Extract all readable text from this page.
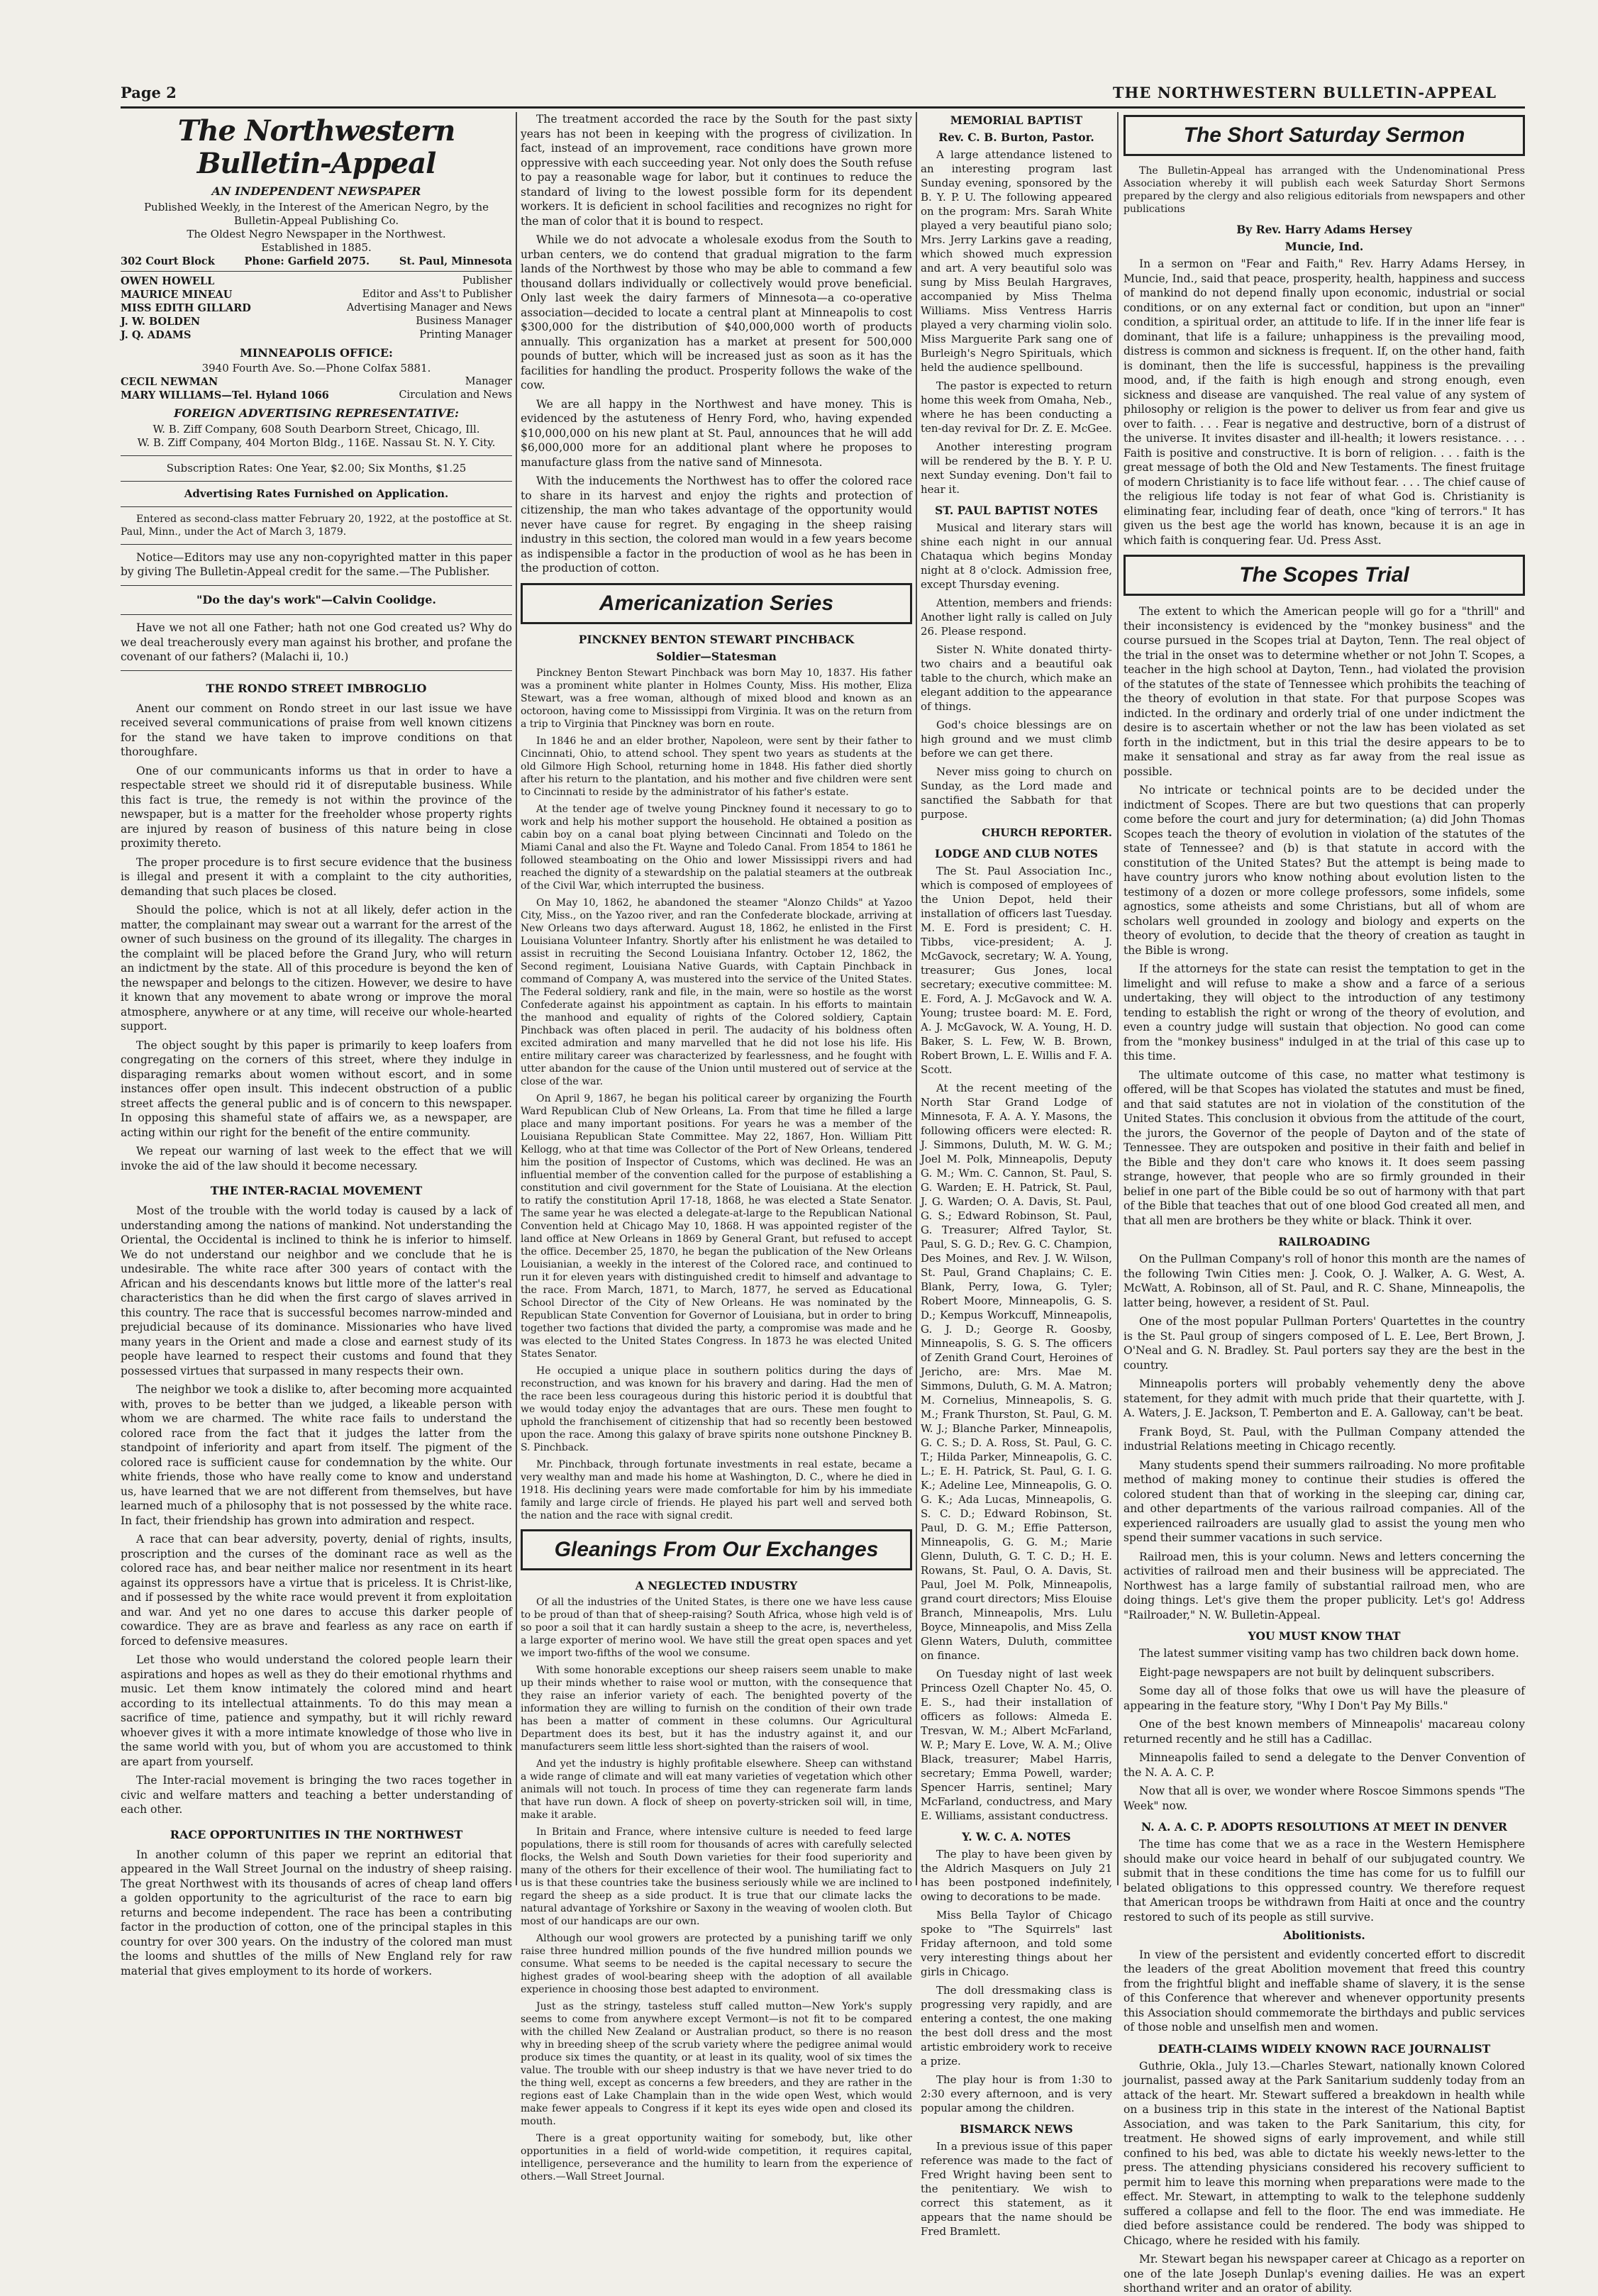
Page 2	THE NORTHWESTERN BULLETIN-APPEAL
The Northwestern Bulletin-Appeal
AN INDEPENDENT NEWSPAPER

Published Weekly, in the Interest of the American Negro, by the

Bulletin-Appeal Publishing Co.

The Oldest Negro Newspaper in the Northwest.

Established in 1885.

302 Court Block	Phone: Garfield 2075.	St. Paul, Minnesota
OWEN HOWELL	Publisher
MAURICE MINEAU	Editor and Ass't to Publisher
MISS EDITH GILLARD	Advertising Manager and News
J. W. BOLDEN	Business Manager
J. Q. ADAMS	Printing Manager
MINNEAPOLIS OFFICE:

3940 Fourth Ave. So.—Phone Colfax 5881.

CECIL NEWMAN	Manager
MARY WILLIAMS—Tel. Hyland 1066	Circulation and News
FOREIGN ADVERTISING REPRESENTATIVE:

W. B. Ziff Company, 608 South Dearborn Street, Chicago, Ill.

W. B. Ziff Company, 404 Morton Bldg., 116E. Nassau St. N. Y. City.

Subscription Rates: One Year, $2.00; Six Months, $1.25

Advertising Rates Furnished on Application.

Entered as second-class matter February 20, 1922, at the postoffice at St. Paul, Minn., under the Act of March 3, 1879.

Notice—Editors may use any non-copyrighted matter in this paper by giving The Bulletin-Appeal credit for the same.—The Publisher.

"Do the day's work"—Calvin Coolidge.

Have we not all one Father; hath not one God created us? Why do we deal treacherously every man against his brother, and profane the covenant of our fathers? (Malachi ii, 10.)

THE RONDO STREET IMBROGLIO

Anent our comment on Rondo street in our last issue we have received several communications of praise from well known citizens for the stand we have taken to improve conditions on that thoroughfare.

One of our communicants informs us that in order to have a respectable street we should rid it of disreputable business. While this fact is true, the remedy is not within the province of the newspaper, but is a matter for the freeholder whose property rights are injured by reason of business of this nature being in close proximity thereto.

The proper procedure is to first secure evidence that the business is illegal and present it with a complaint to the city authorities, demanding that such places be closed.

Should the police, which is not at all likely, defer action in the matter, the complainant may swear out a warrant for the arrest of the owner of such business on the ground of its illegality. The charges in the complaint will be placed before the Grand Jury, who will return an indictment by the state. All of this procedure is beyond the ken of the newspaper and belongs to the citizen. However, we desire to have it known that any movement to abate wrong or improve the moral atmosphere, anywhere or at any time, will receive our whole-hearted support.

The object sought by this paper is primarily to keep loafers from congregating on the corners of this street, where they indulge in disparaging remarks about women without escort, and in some instances offer open insult. This indecent obstruction of a public street affects the general public and is of concern to this newspaper. In opposing this shameful state of affairs we, as a newspaper, are acting within our right for the benefit of the entire community.

We repeat our warning of last week to the effect that we will invoke the aid of the law should it become necessary.

THE INTER-RACIAL MOVEMENT

Most of the trouble with the world today is caused by a lack of understanding among the nations of mankind. Not understanding the Oriental, the Occidental is inclined to think he is inferior to himself. We do not understand our neighbor and we conclude that he is undesirable. The white race after 300 years of contact with the African and his descendants knows but little more of the latter's real characteristics than he did when the first cargo of slaves arrived in this country. The race that is successful becomes narrow-minded and prejudicial because of its dominance. Missionaries who have lived many years in the Orient and made a close and earnest study of its people have learned to respect their customs and found that they possessed virtues that surpassed in many respects their own.

The neighbor we took a dislike to, after becoming more acquainted with, proves to be better than we judged, a likeable person with whom we are charmed. The white race fails to understand the colored race from the fact that it judges the latter from the standpoint of inferiority and apart from itself. The pigment of the colored race is sufficient cause for condemnation by the white. Our white friends, those who have really come to know and understand us, have learned that we are not different from themselves, but have learned much of a philosophy that is not possessed by the white race. In fact, their friendship has grown into admiration and respect.

A race that can bear adversity, poverty, denial of rights, insults, proscription and the curses of the dominant race as well as the colored race has, and bear neither malice nor resentment in its heart against its oppressors have a virtue that is priceless. It is Christ-like, and if possessed by the white race would prevent it from exploitation and war. And yet no one dares to accuse this darker people of cowardice. They are as brave and fearless as any race on earth if forced to defensive measures.

Let those who would understand the colored people learn their aspirations and hopes as well as they do their emotional rhythms and music. Let them know intimately the colored mind and heart according to its intellectual attainments. To do this may mean a sacrifice of time, patience and sympathy, but it will richly reward whoever gives it with a more intimate knowledge of those who live in the same world with you, but of whom you are accustomed to think are apart from yourself.

The Inter-racial movement is bringing the two races together in civic and welfare matters and teaching a better understanding of each other.

RACE OPPORTUNITIES IN THE NORTHWEST

In another column of this paper we reprint an editorial that appeared in the Wall Street Journal on the industry of sheep raising. The great Northwest with its thousands of acres of cheap land offers a golden opportunity to the agriculturist of the race to earn big returns and become independent. The race has been a contributing factor in the production of cotton, one of the principal staples in this country for over 300 years. On the industry of the colored man must the looms and shuttles of the mills of New England rely for raw material that gives employment to its horde of workers.

The treatment accorded the race by the South for the past sixty years has not been in keeping with the progress of civilization. In fact, instead of an improvement, race conditions have grown more oppressive with each succeeding year. Not only does the South refuse to pay a reasonable wage for labor, but it continues to reduce the standard of living to the lowest possible form for its dependent workers. It is deficient in school facilities and recognizes no right for the man of color that it is bound to respect.

While we do not advocate a wholesale exodus from the South to urban centers, we do contend that gradual migration to the farm lands of the Northwest by those who may be able to command a few thousand dollars individually or collectively would prove beneficial. Only last week the dairy farmers of Minnesota—a co-operative association—decided to locate a central plant at Minneapolis to cost $300,000 for the distribution of $40,000,000 worth of products annually. This organization has a market at present for 500,000 pounds of butter, which will be increased just as soon as it has the facilities for handling the product. Prosperity follows the wake of the cow.

We are all happy in the Northwest and have money. This is evidenced by the astuteness of Henry Ford, who, having expended $10,000,000 on his new plant at St. Paul, announces that he will add $6,000,000 more for an additional plant where he proposes to manufacture glass from the native sand of Minnesota.

With the inducements the Northwest has to offer the colored race to share in its harvest and enjoy the rights and protection of citizenship, the man who takes advantage of the opportunity would never have cause for regret. By engaging in the sheep raising industry in this section, the colored man would in a few years become as indispensible a factor in the production of wool as he has been in the production of cotton.

Americanization Series
PINCKNEY BENTON STEWART PINCHBACK
Soldier—Statesman

Pinckney Benton Stewart Pinchback was born May 10, 1837. His father was a prominent white planter in Holmes County, Miss. His mother, Eliza Stewart, was a free woman, although of mixed blood and known as an octoroon, having come to Mississippi from Virginia. It was on the return from a trip to Virginia that Pinckney was born en route.

In 1846 he and an elder brother, Napoleon, were sent by their father to Cincinnati, Ohio, to attend school. They spent two years as students at the old Gilmore High School, returning home in 1848. His father died shortly after his return to the plantation, and his mother and five children were sent to Cincinnati to reside by the administrator of his father's estate.

At the tender age of twelve young Pinckney found it necessary to go to work and help his mother support the household. He obtained a position as cabin boy on a canal boat plying between Cincinnati and Toledo on the Miami Canal and also the Ft. Wayne and Toledo Canal. From 1854 to 1861 he followed steamboating on the Ohio and lower Mississippi rivers and had reached the dignity of a stewardship on the palatial steamers at the outbreak of the Civil War, which interrupted the business.

On May 10, 1862, he abandoned the steamer "Alonzo Childs" at Yazoo City, Miss., on the Yazoo river, and ran the Confederate blockade, arriving at New Orleans two days afterward. August 18, 1862, he enlisted in the First Louisiana Volunteer Infantry. Shortly after his enlistment he was detailed to assist in recruiting the Second Louisiana Infantry. October 12, 1862, the Second regiment, Louisiana Native Guards, with Captain Pinchback in command of Company A, was mustered into the service of the United States. The Federal soldiery, rank and file, in the main, were so hostile as the worst Confederate against his appointment as captain. In his efforts to maintain the manhood and equality of rights of the Colored soldiery, Captain Pinchback was often placed in peril. The audacity of his boldness often excited admiration and many marvelled that he did not lose his life. His entire military career was characterized by fearlessness, and he fought with utter abandon for the cause of the Union until mustered out of service at the close of the war.

On April 9, 1867, he began his political career by organizing the Fourth Ward Republican Club of New Orleans, La. From that time he filled a large place and many important positions. For years he was a member of the Louisiana Republican State Committee. May 22, 1867, Hon. William Pitt Kellogg, who at that time was Collector of the Port of New Orleans, tendered him the position of Inspector of Customs, which was declined. He was an influential member of the convention called for the purpose of establishing a constitution and civil government for the State of Louisiana. At the election to ratify the constitution April 17-18, 1868, he was elected a State Senator. The same year he was elected a delegate-at-large to the Republican National Convention held at Chicago May 10, 1868. H was appointed register of the land office at New Orleans in 1869 by General Grant, but refused to accept the office. December 25, 1870, he began the publication of the New Orleans Louisianian, a weekly in the interest of the Colored race, and continued to run it for eleven years with distinguished credit to himself and advantage to the race. From March, 1871, to March, 1877, he served as Educational School Director of the City of New Orleans. He was nominated by the Republican State Convention for Governor of Louisiana, but in order to bring together two factions that divided the party, a compromise was made and he was elected to the United States Congress. In 1873 he was elected United States Senator.

He occupied a unique place in southern politics during the days of reconstruction, and was known for his bravery and daring. Had the men of the race been less courageous during this historic period it is doubtful that we would today enjoy the advantages that are ours. These men fought to uphold the franchisement of citizenship that had so recently been bestowed upon the race. Among this galaxy of brave spirits none outshone Pinckney B. S. Pinchback.

Mr. Pinchback, through fortunate investments in real estate, became a very wealthy man and made his home at Washington, D. C., where he died in 1918. His declining years were made comfortable for him by his immediate family and large circle of friends. He played his part well and served both the nation and the race with signal credit.

Gleanings From Our Exchanges
A NEGLECTED INDUSTRY

Of all the industries of the United States, is there one we have less cause to be proud of than that of sheep-raising? South Africa, whose high veld is of so poor a soil that it can hardly sustain a sheep to the acre, is, nevertheless, a large exporter of merino wool. We have still the great open spaces and yet we import two-fifths of the wool we consume.

With some honorable exceptions our sheep raisers seem unable to make up their minds whether to raise wool or mutton, with the consequence that they raise an inferior variety of each. The benighted poverty of the information they are willing to furnish on the condition of their own trade has been a matter of comment in these columns. Our Agricultural Department does its best, but it has the industry against it, and our manufacturers seem little less short-sighted than the raisers of wool.

And yet the industry is highly profitable elsewhere. Sheep can withstand a wide range of climate and will eat many varieties of vegetation which other animals will not touch. In process of time they can regenerate farm lands that have run down. A flock of sheep on poverty-stricken soil will, in time, make it arable.

In Britain and France, where intensive culture is needed to feed large populations, there is still room for thousands of acres with carefully selected flocks, the Welsh and South Down varieties for their food superiority and many of the others for their excellence of their wool. The humiliating fact to us is that these countries take the business seriously while we are inclined to regard the sheep as a side product. It is true that our climate lacks the natural advantage of Yorkshire or Saxony in the weaving of woolen cloth. But most of our handicaps are our own.

Although our wool growers are protected by a punishing tariff we only raise three hundred million pounds of the five hundred million pounds we consume. What seems to be needed is the capital necessary to secure the highest grades of wool-bearing sheep with the adoption of all available experience in choosing those best adapted to environment.

Just as the stringy, tasteless stuff called mutton—New York's supply seems to come from anywhere except Vermont—is not fit to be compared with the chilled New Zealand or Australian product, so there is no reason why in breeding sheep of the scrub variety where the pedigree animal would produce six times the quantity, or at least in its quality, wool of six times the value. The trouble with our sheep industry is that we have never tried to do the thing well, except as concerns a few breeders, and they are rather in the regions east of Lake Champlain than in the wide open West, which would make fewer appeals to Congress if it kept its eyes wide open and closed its mouth.

There is a great opportunity waiting for somebody, but, like other opportunities in a field of world-wide competition, it requires capital, intelligence, perseverance and the humility to learn from the experience of others.—Wall Street Journal.

MEMORIAL BAPTIST
Rev. C. B. Burton, Pastor.

A large attendance listened to an interesting program last Sunday evening, sponsored by the B. Y. P. U. The following appeared on the program: Mrs. Sarah White played a very beautiful piano solo; Mrs. Jerry Larkins gave a reading, which showed much expression and art. A very beautiful solo was sung by Miss Beulah Hargraves, accompanied by Miss Thelma Williams. Miss Ventress Harris played a very charming violin solo. Miss Marguerite Park sang one of Burleigh's Negro Spirituals, which held the audience spellbound.

The pastor is expected to return home this week from Omaha, Neb., where he has been conducting a ten-day revival for Dr. Z. E. McGee.

Another interesting program will be rendered by the B. Y. P. U. next Sunday evening. Don't fail to hear it.

ST. PAUL BAPTIST NOTES

Musical and literary stars will shine each night in our annual Chataqua which begins Monday night at 8 o'clock. Admission free, except Thursday evening.

Attention, members and friends: Another light rally is called on July 26. Please respond.

Sister N. White donated thirty-two chairs and a beautiful oak table to the church, which make an elegant addition to the appearance of things.

God's choice blessings are on high ground and we must climb before we can get there.

Never miss going to church on Sunday, as the Lord made and sanctified the Sabbath for that purpose.

CHURCH REPORTER.

LODGE AND CLUB NOTES

The St. Paul Association Inc., which is composed of employees of the Union Depot, held their installation of officers last Tuesday. M. E. Ford is president; C. H. Tibbs, vice-president; A. J. McGavock, secretary; W. A. Young, treasurer; Gus Jones, local secretary; executive committee: M. E. Ford, A. J. McGavock and W. A. Young; trustee board: M. E. Ford, A. J. McGavock, W. A. Young, H. D. Baker, S. L. Few, W. B. Brown, Robert Brown, L. E. Willis and F. A. Scott.

At the recent meeting of the North Star Grand Lodge of Minnesota, F. A. A. Y. Masons, the following officers were elected: R. J. Simmons, Duluth, M. W. G. M.; Joel M. Polk, Minneapolis, Deputy G. M.; Wm. C. Cannon, St. Paul, S. G. Warden; E. H. Patrick, St. Paul, J. G. Warden; O. A. Davis, St. Paul, G. S.; Edward Robinson, St. Paul, G. Treasurer; Alfred Taylor, St. Paul, S. G. D.; Rev. G. C. Champion, Des Moines, and Rev. J. W. Wilson, St. Paul, Grand Chaplains; C. E. Blank, Perry, Iowa, G. Tyler; Robert Moore, Minneapolis, G. S. D.; Kempus Workcuff, Minneapolis, G. J. D.; George R. Goosby, Minneapolis, S. G. S. The officers of Zenith Grand Court, Heroines of Jericho, are: Mrs. Mae M. Simmons, Duluth, G. M. A. Matron; M. Cornelius, Minneapolis, S. G. M.; Frank Thurston, St. Paul, G. M. W. J.; Blanche Parker, Minneapolis, G. C. S.; D. A. Ross, St. Paul, G. C. T.; Hilda Parker, Minneapolis, G. C. L.; E. H. Patrick, St. Paul, G. I. G. K.; Adeline Lee, Minneapolis, G. O. G. K.; Ada Lucas, Minneapolis, G. S. C. D.; Edward Robinson, St. Paul, D. G. M.; Effie Patterson, Minneapolis, G. G. M.; Marie Glenn, Duluth, G. T. C. D.; H. E. Rowans, St. Paul, O. A. Davis, St. Paul, Joel M. Polk, Minneapolis, grand court directors; Miss Elouise Branch, Minneapolis, Mrs. Lulu Boyce, Minneapolis, and Miss Zella Glenn Waters, Duluth, committee on finance.

On Tuesday night of last week Princess Ozell Chapter No. 45, O. E. S., had their installation of officers as follows: Almeda E. Tresvan, W. M.; Albert McFarland, W. P.; Mary E. Love, W. A. M.; Olive Black, treasurer; Mabel Harris, secretary; Emma Powell, warder; Spencer Harris, sentinel; Mary McFarland, conductress, and Mary E. Williams, assistant conductress.

Y. W. C. A. NOTES

The play to have been given by the Aldrich Masquers on July 21 has been postponed indefinitely, owing to decorations to be made.

Miss Bella Taylor of Chicago spoke to "The Squirrels" last Friday afternoon, and told some very interesting things about her girls in Chicago.

The doll dressmaking class is progressing very rapidly, and are entering a contest, the one making the best doll dress and the most artistic embroidery work to receive a prize.

The play hour is from 1:30 to 2:30 every afternoon, and is very popular among the children.

BISMARCK NEWS

In a previous issue of this paper reference was made to the fact of Fred Wright having been sent to the penitentiary. We wish to correct this statement, as it appears that the name should be Fred Bramlett.

The Short Saturday Sermon

The Bulletin-Appeal has arranged with the Undenominational Press Association whereby it will publish each week Saturday Short Sermons prepared by the clergy and also religious editorials from newspapers and other publications

By Rev. Harry Adams Hersey
Muncie, Ind.

In a sermon on "Fear and Faith," Rev. Harry Adams Hersey, in Muncie, Ind., said that peace, prosperity, health, happiness and success of mankind do not depend finally upon economic, industrial or social conditions, or on any external fact or condition, but upon an "inner" condition, a spiritual order, an attitude to life. If in the inner life fear is dominant, that life is a failure; unhappiness is the prevailing mood, distress is common and sickness is frequent. If, on the other hand, faith is dominant, then the life is successful, happiness is the prevailing mood, and, if the faith is high enough and strong enough, even sickness and disease are vanquished. The real value of any system of philosophy or religion is the power to deliver us from fear and give us over to faith. . . . Fear is negative and destructive, born of a distrust of the universe. It invites disaster and ill-health; it lowers resistance. . . . Faith is positive and constructive. It is born of religion. . . . faith is the great message of both the Old and New Testaments. The finest fruitage of modern Christianity is to face life without fear. . . . The chief cause of the religious life today is not fear of what God is. Christianity is eliminating fear, including fear of death, once "king of terrors." It has given us the best age the world has known, because it is an age in which faith is conquering fear. Ud. Press Asst.

The Scopes Trial

The extent to which the American people will go for a "thrill" and their inconsistency is evidenced by the "monkey business" and the course pursued in the Scopes trial at Dayton, Tenn. The real object of the trial in the onset was to determine whether or not John T. Scopes, a teacher in the high school at Dayton, Tenn., had violated the provision of the statutes of the state of Tennessee which prohibits the teaching of the theory of evolution in that state. For that purpose Scopes was indicted. In the ordinary and orderly trial of one under indictment the desire is to ascertain whether or not the law has been violated as set forth in the indictment, but in this trial the desire appears to be to make it sensational and stray as far away from the real issue as possible.

No intricate or technical points are to be decided under the indictment of Scopes. There are but two questions that can properly come before the court and jury for determination; (a) did John Thomas Scopes teach the theory of evolution in violation of the statutes of the state of Tennessee? and (b) is that statute in accord with the constitution of the United States? But the attempt is being made to have country jurors who know nothing about evolution listen to the testimony of a dozen or more college professors, some infidels, some agnostics, some atheists and some Christians, but all of whom are scholars well grounded in zoology and biology and experts on the theory of evolution, to decide that the theory of creation as taught in the Bible is wrong.

If the attorneys for the state can resist the temptation to get in the limelight and will refuse to make a show and a farce of a serious undertaking, they will object to the introduction of any testimony tending to establish the right or wrong of the theory of evolution, and even a country judge will sustain that objection. No good can come from the "monkey business" indulged in at the trial of this case up to this time.

The ultimate outcome of this case, no matter what testimony is offered, will be that Scopes has violated the statutes and must be fined, and that said statutes are not in violation of the constitution of the United States. This conclusion it obvious from the attitude of the court, the jurors, the Governor of the people of Dayton and of the state of Tennessee. They are outspoken and positive in their faith and belief in the Bible and they don't care who knows it. It does seem passing strange, however, that people who are so firmly grounded in their belief in one part of the Bible could be so out of harmony with that part of the Bible that teaches that out of one blood God created all men, and that all men are brothers be they white or black. Think it over.

RAILROADING

On the Pullman Company's roll of honor this month are the names of the following Twin Cities men: J. Cook, O. J. Walker, A. G. West, A. McWatt, A. Robinson, all of St. Paul, and R. C. Shane, Minneapolis, the latter being, however, a resident of St. Paul.

One of the most popular Pullman Porters' Quartettes in the country is the St. Paul group of singers composed of L. E. Lee, Bert Brown, J. O'Neal and G. N. Bradley. St. Paul porters say they are the best in the country.

Minneapolis porters will probably vehemently deny the above statement, for they admit with much pride that their quartette, with J. A. Waters, J. E. Jackson, T. Pemberton and E. A. Galloway, can't be beat.

Frank Boyd, St. Paul, with the Pullman Company attended the industrial Relations meeting in Chicago recently.

Many students spend their summers railroading. No more profitable method of making money to continue their studies is offered the colored student than that of working in the sleeping car, dining car, and other departments of the various railroad companies. All of the experienced railroaders are usually glad to assist the young men who spend their summer vacations in such service.

Railroad men, this is your column. News and letters concerning the activities of railroad men and their business will be appreciated. The Northwest has a large family of substantial railroad men, who are doing things. Let's give them the proper publicity. Let's go! Address "Railroader," N. W. Bulletin-Appeal.

YOU MUST KNOW THAT

The latest summer visiting vamp has two children back down home.

Eight-page newspapers are not built by delinquent subscribers.

Some day all of those folks that owe us will have the pleasure of appearing in the feature story, "Why I Don't Pay My Bills."

One of the best known members of Minneapolis' macareau colony returned recently and he still has a Cadillac.

Minneapolis failed to send a delegate to the Denver Convention of the N. A. A. C. P.

Now that all is over, we wonder where Roscoe Simmons spends "The Week" now.

N. A. A. C. P. ADOPTS RESOLUTIONS AT MEET IN DENVER

The time has come that we as a race in the Western Hemisphere should make our voice heard in behalf of our subjugated country. We submit that in these conditions the time has come for us to fulfill our belated obligations to this oppressed country. We therefore request that American troops be withdrawn from Haiti at once and the country restored to such of its people as still survive.

Abolitionists.

In view of the persistent and evidently concerted effort to discredit the leaders of the great Abolition movement that freed this country from the frightful blight and ineffable shame of slavery, it is the sense of this Conference that wherever and whenever opportunity presents this Association should commemorate the birthdays and public services of those noble and unselfish men and women.

DEATH-CLAIMS WIDELY KNOWN RACE JOURNALIST

Guthrie, Okla., July 13.—Charles Stewart, nationally known Colored journalist, passed away at the Park Sanitarium suddenly today from an attack of the heart. Mr. Stewart suffered a breakdown in health while on a business trip in this state in the interest of the National Baptist Association, and was taken to the Park Sanitarium, this city, for treatment. He showed signs of early improvement, and while still confined to his bed, was able to dictate his weekly news-letter to the press. The attending physicians considered his recovery sufficient to permit him to leave this morning when preparations were made to the effect. Mr. Stewart, in attempting to walk to the telephone suddenly suffered a collapse and fell to the floor. The end was immediate. He died before assistance could be rendered. The body was shipped to Chicago, where he resided with his family.

Mr. Stewart began his newspaper career at Chicago as a reporter on one of the late Joseph Dunlap's evening dailies. He was an expert shorthand writer and an orator of ability.
